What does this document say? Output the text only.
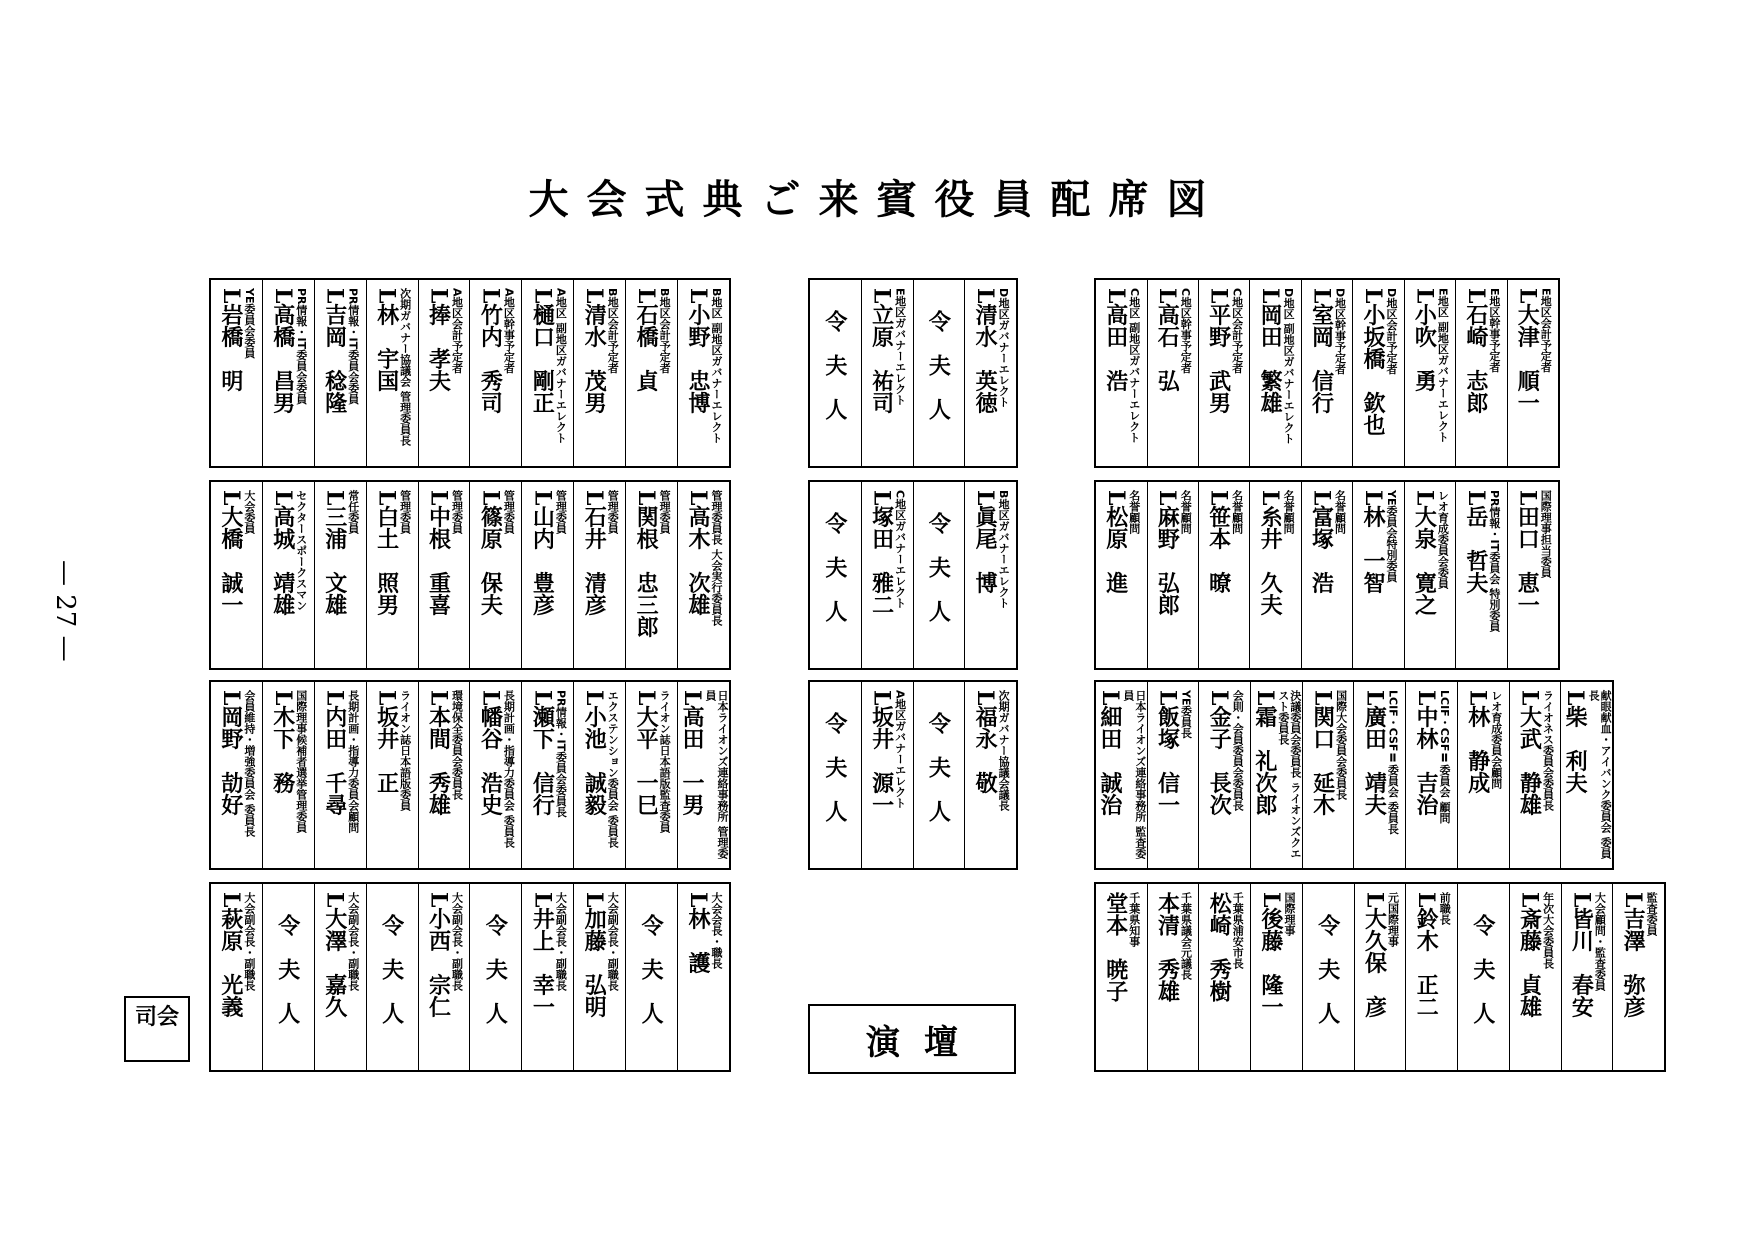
大会式典ご来賓役員配席図
— 27 —
B地区 副地区ガバナーエレクト
L小野　忠博
B地区会計予定者
L石橋　貞
B地区会計予定者
L清水　茂男
A地区 副地区ガバナーエレクト
L樋口　剛正
A地区幹事予定者
L竹内　秀司
A地区会計予定者
L捧　孝夫
次期ガバナー協議会 管理委員長
L林　宇国
PR情報・IT委員会委員
L吉岡　稔隆
PR情報・IT委員会委員
L高橋　昌男
YE委員会委員
L岩橋　明
管理委員長 大会実行委員長
L高木　次雄
管理委員
L関根　忠三郎
管理委員
L石井　清彦
管理委員
L山内　豊彦
管理委員
L篠原　保夫
管理委員
L中根　重喜
管理委員
L白土　照男
常任委員
L三浦　文雄
セクタースポークスマン
L高城　靖雄
大会委員
L大橋　誠一
日本ライオンズ連絡事務所 管理委員
L高田　一男
ライオン誌日本語版監査委員
L大平　一巳
エクステンション委員会 委員長
L小池　誠毅
PR情報・IT委員会委員長
L瀬下　信行
長期計画・指導力委員会 委員長
L幡谷　浩史
環境保全委員会委員長
L本間　秀雄
ライオン誌日本語版委員
L坂井　正
長期計画・指導力委員会顧問
L内田　千尋
国際理事候補者選挙管理委員
L木下　務
会員維持・増強委員会 委員長
L岡野　劼好
大会会長・職長
L林　護
令夫人
大会副会長・副職長
L加藤　弘明
大会副会長・副職長
L井上　幸一
令夫人
大会副会長・副職長
L小西　宗仁
令夫人
大会副会長・副職長
L大澤　嘉久
令夫人
大会副会長・副職長
L萩原　光義
D地区ガバナーエレクト
L清水　英徳
令夫人
E地区ガバナーエレクト
L立原　祐司
令夫人
B地区ガバナーエレクト
L眞尾　博
令夫人
C地区ガバナーエレクト
L塚田　雅二
令夫人
次期ガバナー協議会議長
L福永　敬
令夫人
A地区ガバナーエレクト
L坂井　源一
令夫人
E地区会計予定者
L大津　順一
E地区幹事予定者
L石崎　志郎
E地区 副地区ガバナーエレクト
L小吹　勇
D地区会計予定者
L小坂橋　欽也
D地区幹事予定者
L室岡　信行
D地区 副地区ガバナーエレクト
L岡田　繁雄
C地区会計予定者
L平野　武男
C地区幹事予定者
L高石　弘
C地区 副地区ガバナーエレクト
L高田　浩
国際理事担当委員
L田口　恵一
PR情報・IT委員会 特別委員
L岳　哲夫
レオ育成委員会委員
L大泉　寛之
YE委員会特別委員
L林　一智
名誉顧問
L富塚　浩
名誉顧問
L糸井　久夫
名誉顧問
L笹本　暸
名誉顧問
L麻野　弘郎
名誉顧問
L松原　進
献眼献血・アイバンク委員会 委員長
L柴　利夫
ライオネス委員会委員長
L大武　静雄
レオ育成委員会顧問
L林　静成
LCIF・CSFⅡ委員会 顧問
L中林　吉治
LCIF・CSFⅡ委員会 委員長
L廣田　靖夫
国際大会委員会委員長
L関口　延木
決議委員会委員長 ライオンズクエスト委員長
L霜　礼次郎
会則・会員委員会委員長
L金子　長次
YE委員長
L飯塚　信一
日本ライオンズ連絡事務所 監査委員
L細田　誠治
監査委員
L吉澤　弥彦
大会顧問・監査委員
L皆川　春安
年次大会委員長
L斎藤　貞雄
令夫人
前職長
L鈴木　正二
元国際理事
L大久保　彦
令夫人
国際理事
L後藤　隆一
千葉県浦安市長
松崎　秀樹
千葉県議会元議長
本清　秀雄
千葉県知事
堂本　暁子
司会
演壇
